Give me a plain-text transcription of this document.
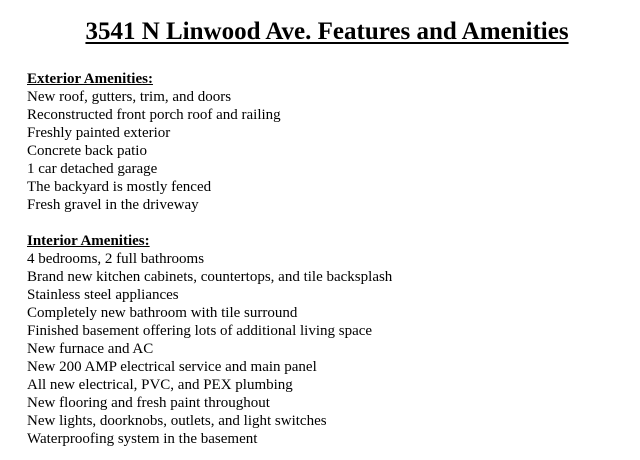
3541 N Linwood Ave. Features and Amenities
Exterior Amenities:
New roof, gutters, trim, and doors
Reconstructed front porch roof and railing
Freshly painted exterior
Concrete back patio
1 car detached garage
The backyard is mostly fenced
Fresh gravel in the driveway
Interior Amenities:
4 bedrooms, 2 full bathrooms
Brand new kitchen cabinets, countertops, and tile backsplash
Stainless steel appliances
Completely new bathroom with tile surround
Finished basement offering lots of additional living space
New furnace and AC
New 200 AMP electrical service and main panel
All new electrical, PVC, and PEX plumbing
New flooring and fresh paint throughout
New lights, doorknobs, outlets, and light switches
Waterproofing system in the basement
